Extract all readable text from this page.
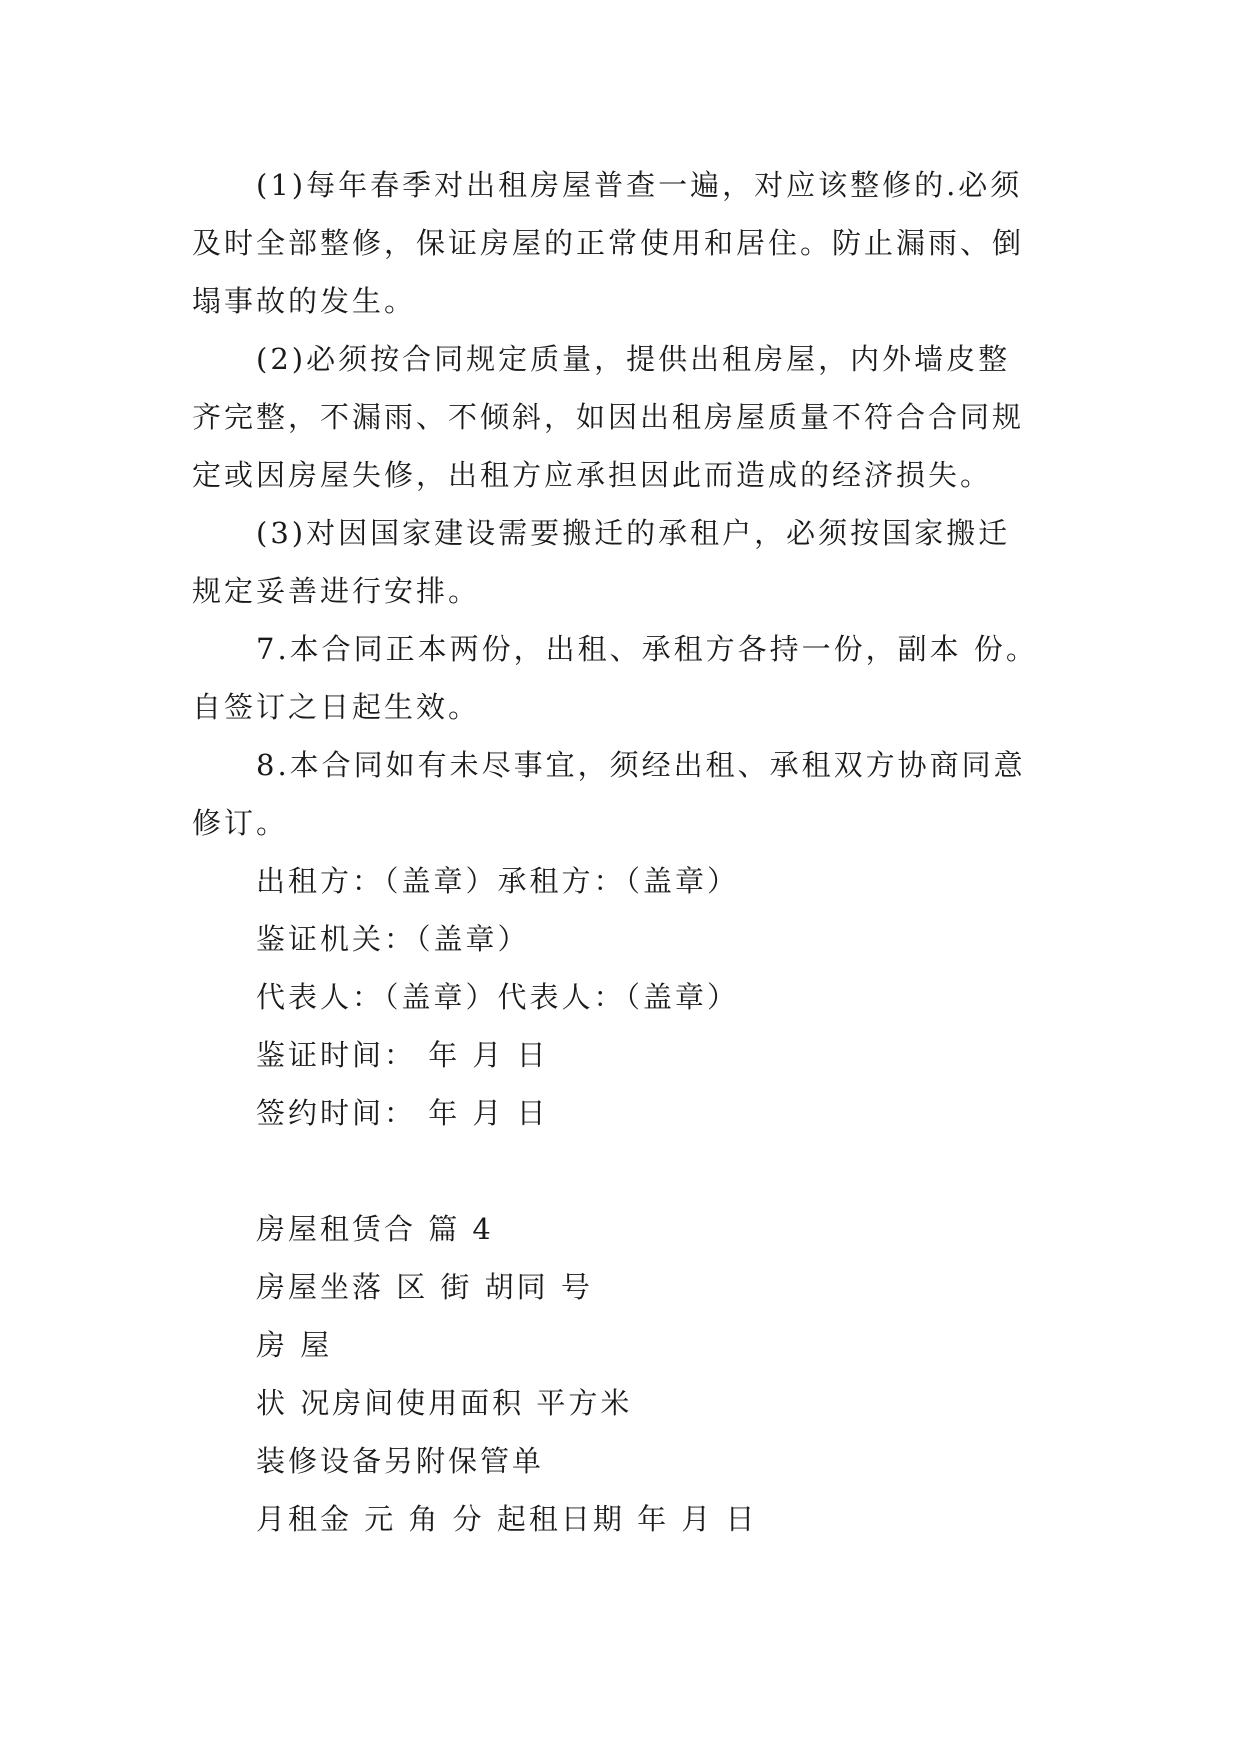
(1)每年春季对出租房屋普查一遍，对应该整修的.必须

及时全部整修，保证房屋的正常使用和居住。防止漏雨、倒

塌事故的发生。

(2)必须按合同规定质量，提供出租房屋，内外墙皮整

齐完整，不漏雨、不倾斜，如因出租房屋质量不符合合同规

定或因房屋失修，出租方应承担因此而造成的经济损失。

(3)对因国家建设需要搬迁的承租户，必须按国家搬迁

规定妥善进行安排。

7.本合同正本两份，出租、承租方各持一份，副本 份。

自签订之日起生效。

8.本合同如有未尽事宜，须经出租、承租双方协商同意

修订。

出租方：（盖章）承租方：（盖章）

鉴证机关：（盖章）

代表人：（盖章）代表人：（盖章）

鉴证时间： 年 月 日

签约时间： 年 月 日

房屋租赁合 篇 4

房屋坐落 区 街 胡同 号

房 屋

状 况房间使用面积 平方米

装修设备另附保管单

月租金 元 角 分 起租日期 年 月 日
